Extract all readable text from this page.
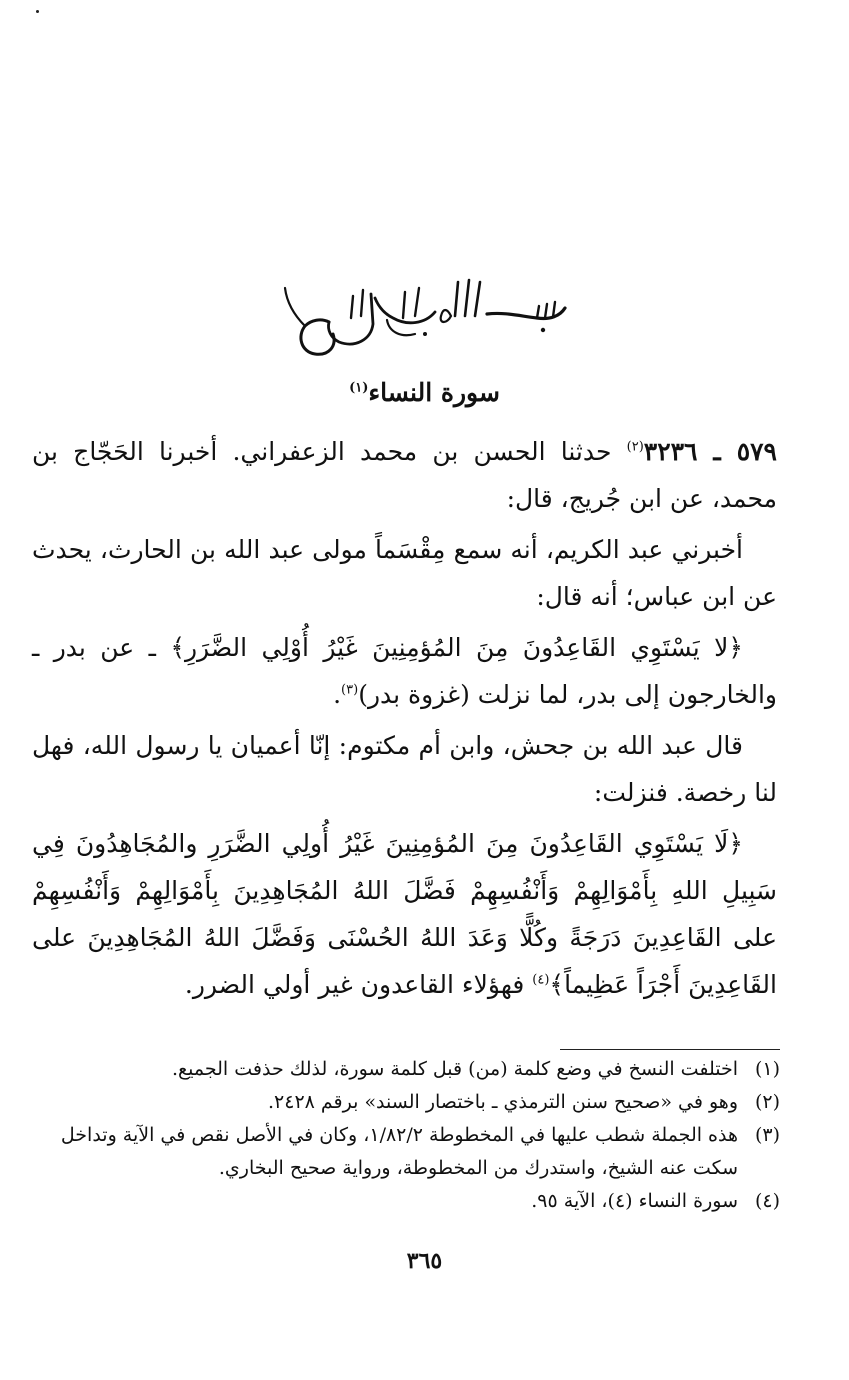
سورة النساء$^{(١)}$

٥٧٩ ـ ٣٢٣٦$^{(٢)}$ حدثنا الحسن بن محمد الزعفراني. أخبرنا الحَجّاج بن محمد، عن ابن جُريج، قال:

أخبرني عبد الكريم، أنه سمع مِقْسَماً مولى عبد الله بن الحارث، يحدث عن ابن عباس؛ أنه قال:

﴿لا يَسْتَوِي القَاعِدُونَ مِنَ المُؤمِنِينَ غَيْرُ أُوْلِي الضَّرَرِ﴾ ـ عن بدر ـ والخارجون إلى بدر، لما نزلت (غزوة بدر)$^{(٣)}$.

قال عبد الله بن جحش، وابن أم مكتوم: إنّا أعميان يا رسول الله، فهل لنا رخصة. فنزلت:

﴿لَا يَسْتَوِي القَاعِدُونَ مِنَ المُؤمِنِينَ غَيْرُ أُولِي الضَّرَرِ والمُجَاهِدُونَ فِي سَبِيلِ اللهِ بِأَمْوَالِهِمْ وَأَنْفُسِهِمْ فَضَّلَ اللهُ المُجَاهِدِينَ بِأَمْوَالِهِمْ وَأَنْفُسِهِمْ على القَاعِدِينَ دَرَجَةً وكُلًّا وَعَدَ اللهُ الحُسْنَى وَفَضَّلَ اللهُ المُجَاهِدِينَ على القَاعِدِينَ أَجْرَاً عَظِيماً﴾$^{(٤)}$ فهؤلاء القاعدون غير أولي الضرر.

(١)
اختلفت النسخ في وضع كلمة (من) قبل كلمة سورة، لذلك حذفت الجميع.
(٢)
وهو في «صحيح سنن الترمذي ـ باختصار السند» برقم ٢٤٢٨.
(٣)
هذه الجملة شطب عليها في المخطوطة ١/٨٢/٢، وكان في الأصل نقص في الآية وتداخل سكت عنه الشيخ، واستدرك من المخطوطة، ورواية صحيح البخاري.
(٤)
سورة النساء (٤)، الآية ٩٥.
٣٦٥
